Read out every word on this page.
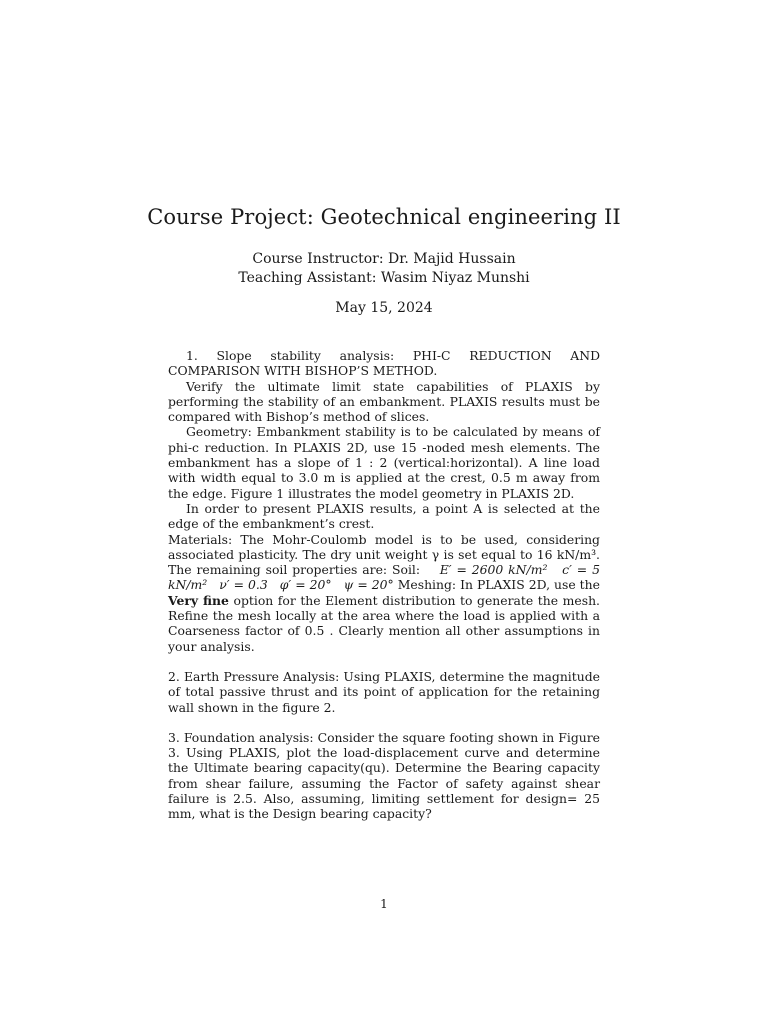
Course Project: Geotechnical engineering II
Course Instructor: Dr. Majid Hussain
Teaching Assistant: Wasim Niyaz Munshi
May 15, 2024

1. Slope stability analysis: PHI-C REDUCTION AND COMPARISON WITH BISHOP’S METHOD.

Verify the ultimate limit state capabilities of PLAXIS by performing the stability of an embankment. PLAXIS results must be compared with Bishop’s method of slices.

Geometry: Embankment stability is to be calculated by means of phi-c reduction. In PLAXIS 2D, use 15 -noded mesh elements. The embankment has a slope of 1 : 2 (vertical:horizontal). A line load with width equal to 3.0 m is applied at the crest, 0.5 m away from the edge. Figure 1 illustrates the model geometry in PLAXIS 2D.

In order to present PLAXIS results, a point A is selected at the edge of the embankment’s crest.

Materials: The Mohr-Coulomb model is to be used, considering associated plasticity. The dry unit weight γ is set equal to 16 kN/m³. The remaining soil properties are: Soil: E′ = 2600 kN/m² c′ = 5 kN/m² ν′ = 0.3 φ′ = 20° ψ = 20° Meshing: In PLAXIS 2D, use the Very fine option for the Element distribution to generate the mesh. Refine the mesh locally at the area where the load is applied with a Coarseness factor of 0.5 . Clearly mention all other assumptions in your analysis.

2. Earth Pressure Analysis: Using PLAXIS, determine the magnitude of total passive thrust and its point of application for the retaining wall shown in the figure 2.

3. Foundation analysis: Consider the square footing shown in Figure 3. Using PLAXIS, plot the load-displacement curve and determine the Ultimate bearing capacity(qu). Determine the Bearing capacity from shear failure, assuming the Factor of safety against shear failure is 2.5. Also, assuming, limiting settlement for design= 25 mm, what is the Design bearing capacity?

1
